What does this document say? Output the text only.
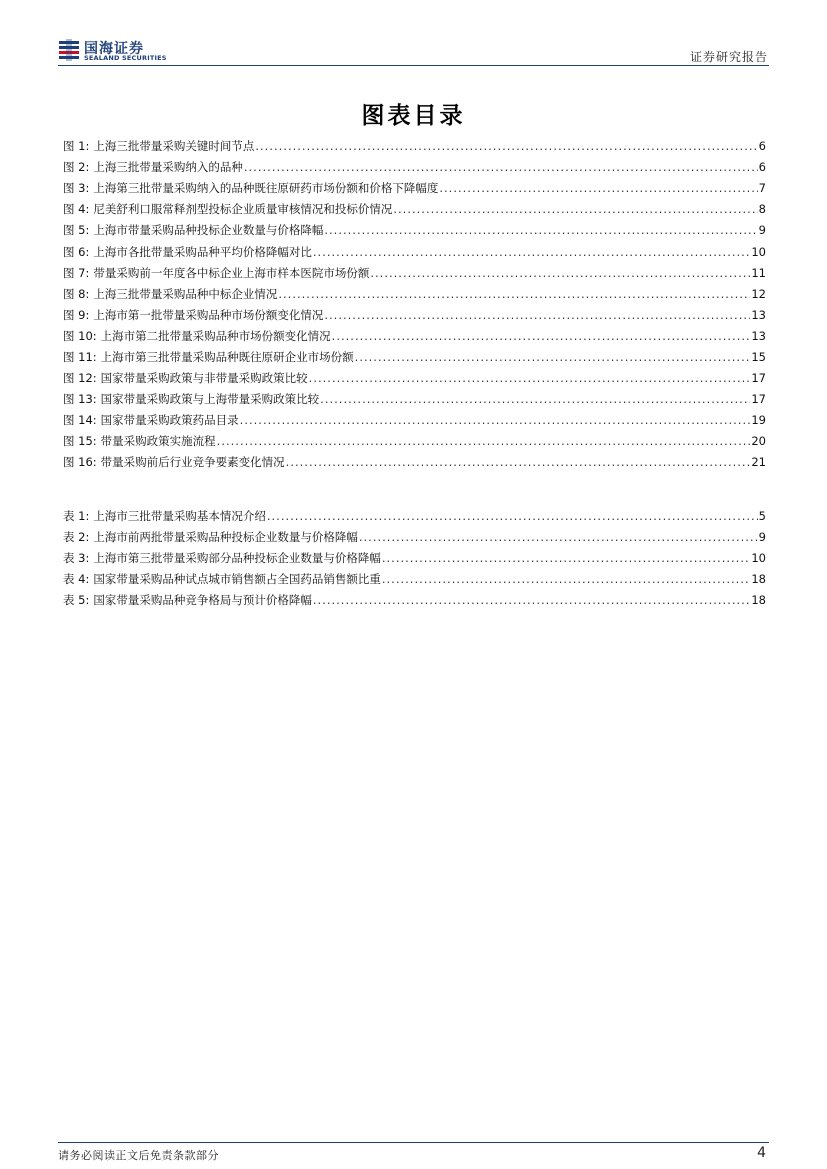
国海证券
SEALAND SECURITIES	证券研究报告
图表目录
图 1: 上海三批带量采购关键时间节点 .....	6
图 2: 上海三批带量采购纳入的品种 .....	6
图 3: 上海第三批带量采购纳入的品种既往原研药市场份额和价格下降幅度 .....	7
图 4: 尼美舒利口服常释剂型投标企业质量审核情况和投标价情况 .....	8
图 5: 上海市带量采购品种投标企业数量与价格降幅 .....	9
图 6: 上海市各批带量采购品种平均价格降幅对比 .....	10
图 7: 带量采购前一年度各中标企业上海市样本医院市场份额 .....	11
图 8: 上海三批带量采购品种中标企业情况 .....	12
图 9: 上海市第一批带量采购品种市场份额变化情况 .....	13
图 10: 上海市第二批带量采购品种市场份额变化情况 .....	13
图 11: 上海市第三批带量采购品种既往原研企业市场份额 .....	15
图 12: 国家带量采购政策与非带量采购政策比较 .....	17
图 13: 国家带量采购政策与上海带量采购政策比较 .....	17
图 14: 国家带量采购政策药品目录 .....	19
图 15: 带量采购政策实施流程 .....	20
图 16: 带量采购前后行业竞争要素变化情况 .....	21
表 1: 上海市三批带量采购基本情况介绍 .....	5
表 2: 上海市前两批带量采购品种投标企业数量与价格降幅 .....	9
表 3: 上海市第三批带量采购部分品种投标企业数量与价格降幅 .....	10
表 4: 国家带量采购品种试点城市销售额占全国药品销售额比重 .....	18
表 5: 国家带量采购品种竞争格局与预计价格降幅 .....	18
请务必阅读正文后免责条款部分	4
